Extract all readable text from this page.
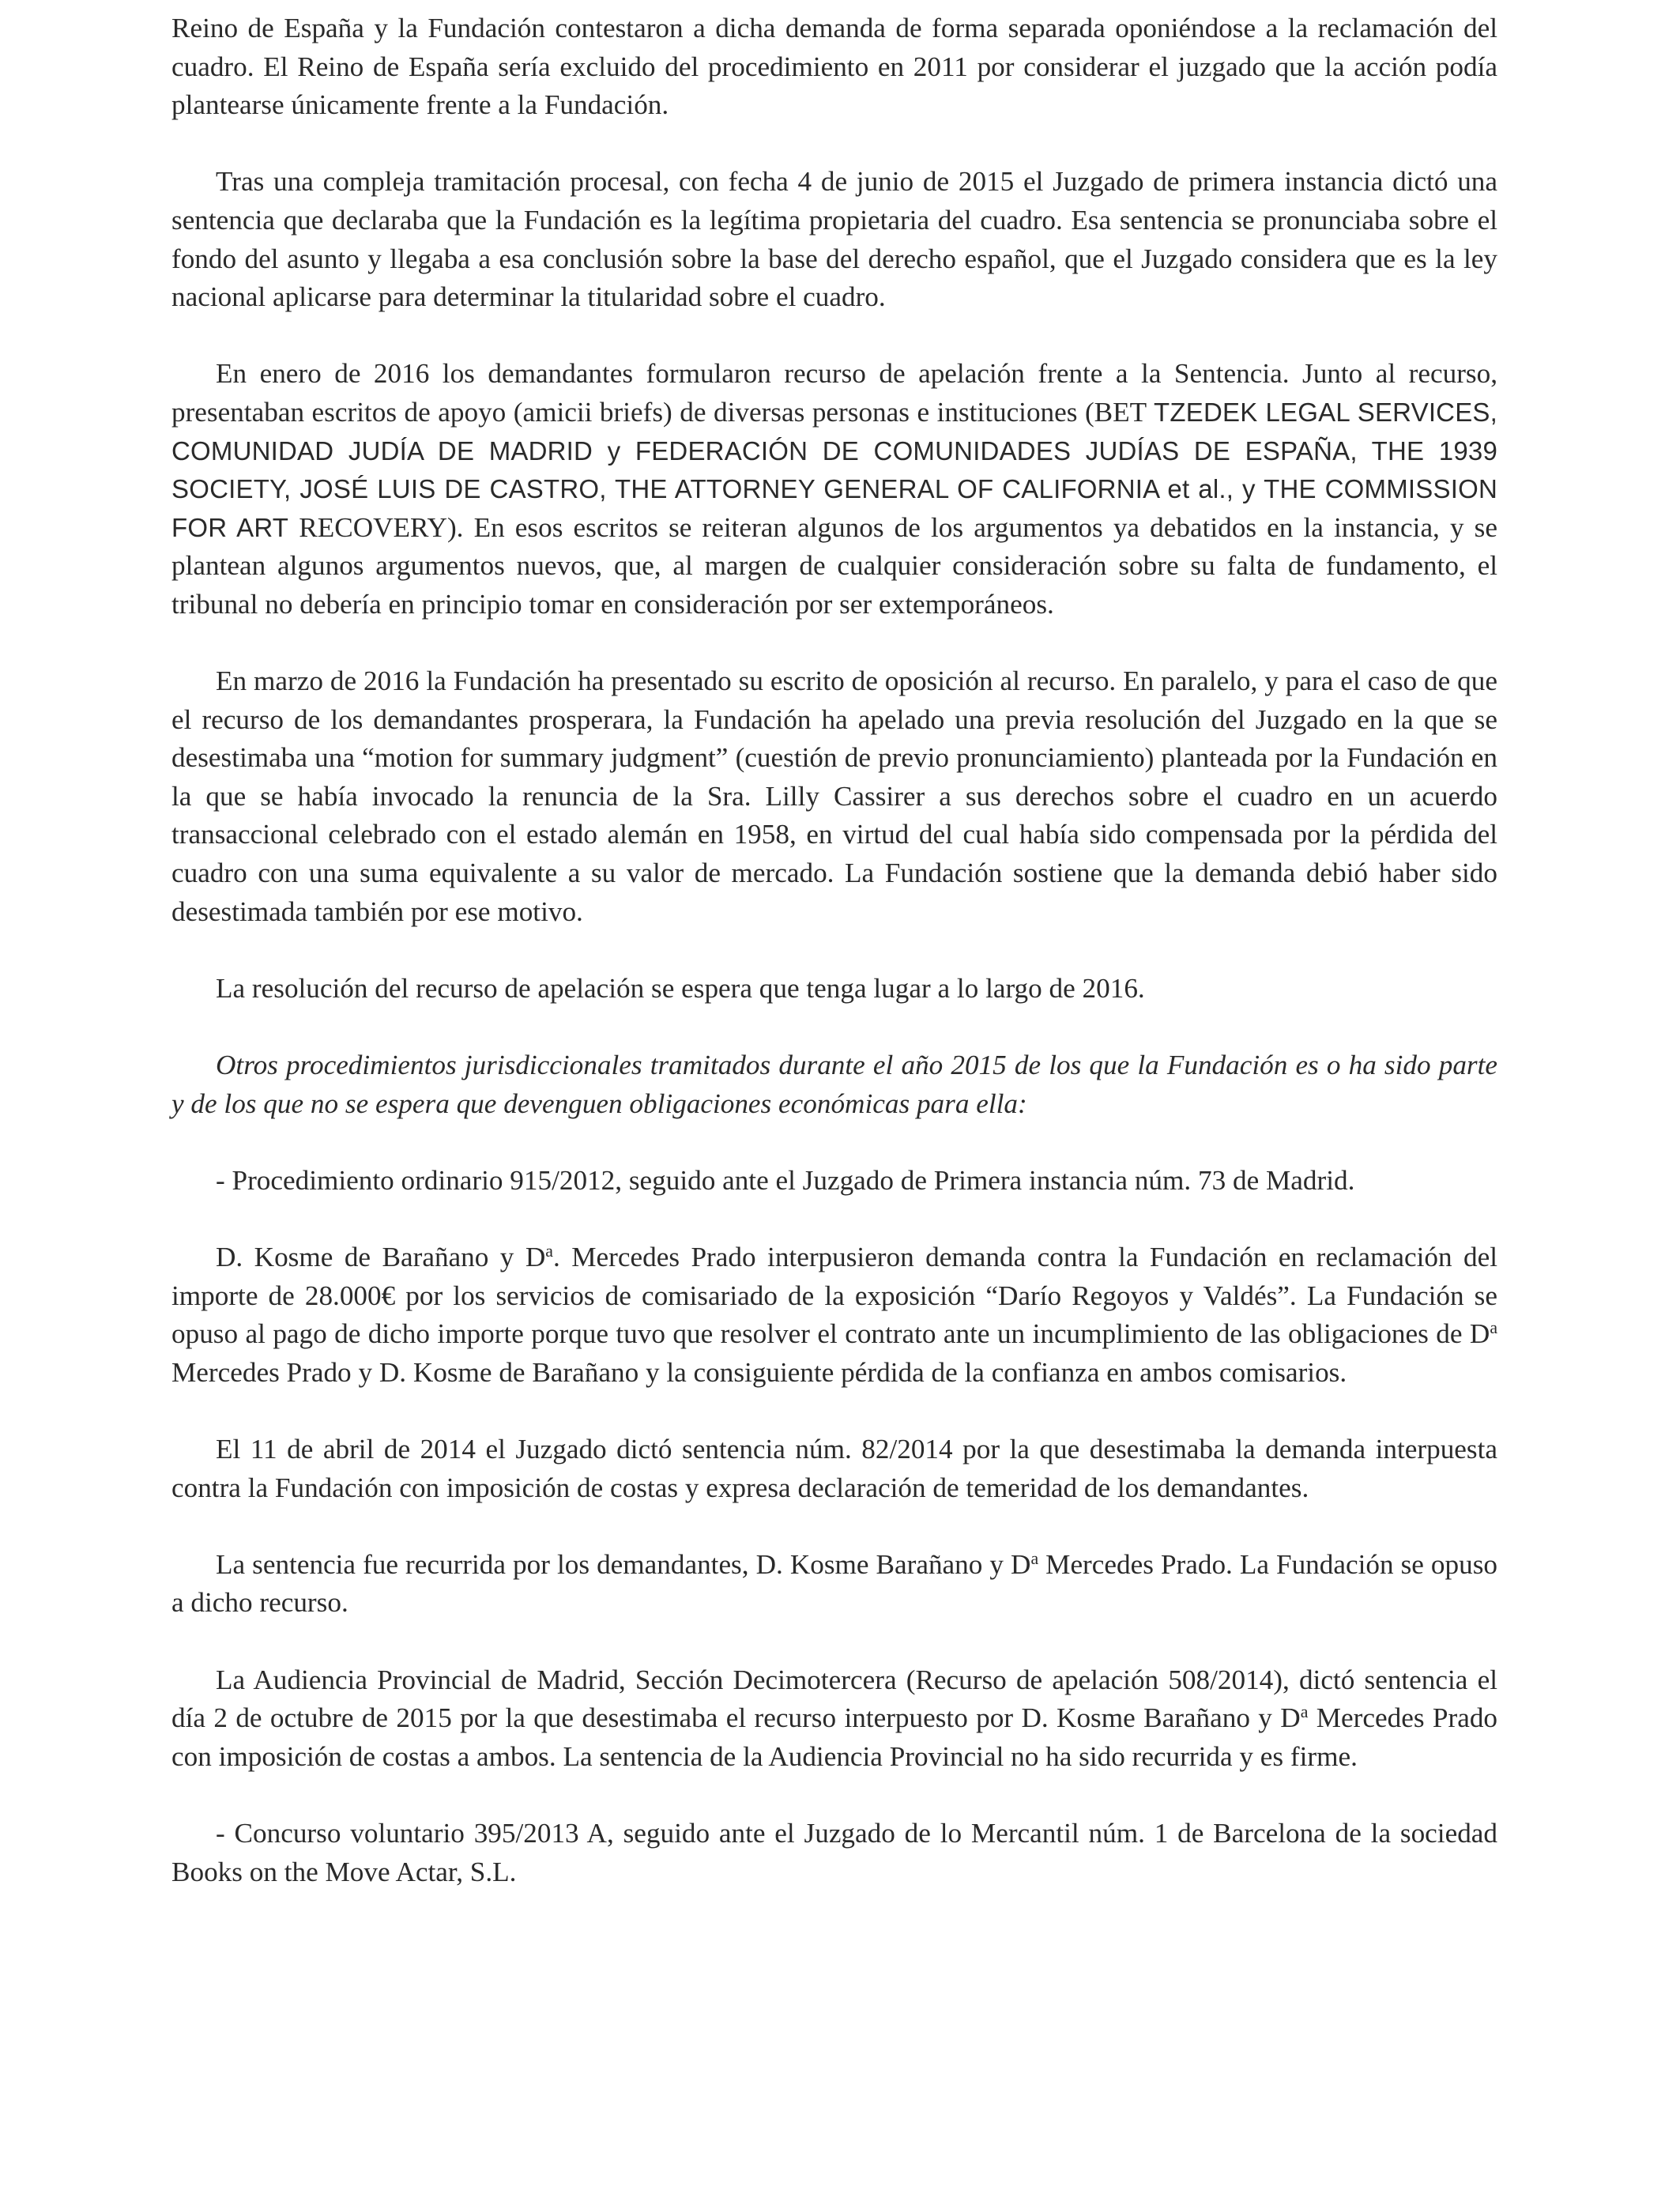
Reino de España y la Fundación contestaron a dicha demanda de forma separada oponiéndose a la reclamación del cuadro. El Reino de España sería excluido del procedimiento en 2011 por considerar el juzgado que la acción podía plantearse únicamente frente a la Fundación.

Tras una compleja tramitación procesal, con fecha 4 de junio de 2015 el Juzgado de primera instancia dictó una sentencia que declaraba que la Fundación es la legítima propietaria del cuadro. Esa sentencia se pronunciaba sobre el fondo del asunto y llegaba a esa conclusión sobre la base del derecho español, que el Juzgado considera que es la ley nacional aplicarse para determinar la titularidad sobre el cuadro.

En enero de 2016 los demandantes formularon recurso de apelación frente a la Sentencia. Junto al recurso, presentaban escritos de apoyo (amicii briefs) de diversas personas e instituciones (BET TZEDEK LEGAL SERVICES, COMUNIDAD JUDÍA DE MADRID y FEDERACIÓN DE COMUNIDADES JUDÍAS DE ESPAÑA, THE 1939 SOCIETY, JOSÉ LUIS DE CASTRO, THE ATTORNEY GENERAL OF CALIFORNIA et al., y THE COMMISSION FOR ART RECOVERY). En esos escritos se reiteran algunos de los argumentos ya debatidos en la instancia, y se plantean algunos argumentos nuevos, que, al margen de cualquier consideración sobre su falta de fundamento, el tribunal no debería en principio tomar en consideración por ser extemporáneos.

En marzo de 2016 la Fundación ha presentado su escrito de oposición al recurso. En paralelo, y para el caso de que el recurso de los demandantes prosperara, la Fundación ha apelado una previa resolución del Juzgado en la que se desestimaba una “motion for summary judgment” (cuestión de previo pronunciamiento) planteada por la Fundación en la que se había invocado la renuncia de la Sra. Lilly Cassirer a sus derechos sobre el cuadro en un acuerdo transaccional celebrado con el estado alemán en 1958, en virtud del cual había sido compensada por la pérdida del cuadro con una suma equivalente a su valor de mercado. La Fundación sostiene que la demanda debió haber sido desestimada también por ese motivo.

La resolución del recurso de apelación se espera que tenga lugar a lo largo de 2016.

Otros procedimientos jurisdiccionales tramitados durante el año 2015 de los que la Fundación es o ha sido parte y de los que no se espera que devenguen obligaciones económicas para ella:

- Procedimiento ordinario 915/2012, seguido ante el Juzgado de Primera instancia núm. 73 de Madrid.

D. Kosme de Barañano y $D^a$. Mercedes Prado interpusieron demanda contra la Fundación en reclamación del importe de 28.000€ por los servicios de comisariado de la exposición “Darío Regoyos y Valdés”. La Fundación se opuso al pago de dicho importe porque tuvo que resolver el contrato ante un incumplimiento de las obligaciones de $D^a$ Mercedes Prado y D. Kosme de Barañano y la consiguiente pérdida de la confianza en ambos comisarios.

El 11 de abril de 2014 el Juzgado dictó sentencia núm. 82/2014 por la que desestimaba la demanda interpuesta contra la Fundación con imposición de costas y expresa declaración de temeridad de los demandantes.

La sentencia fue recurrida por los demandantes, D. Kosme Barañano y $D^a$ Mercedes Prado. La Fundación se opuso a dicho recurso.

La Audiencia Provincial de Madrid, Sección Decimotercera (Recurso de apelación 508/2014), dictó sentencia el día 2 de octubre de 2015 por la que desestimaba el recurso interpuesto por D. Kosme Barañano y $D^a$ Mercedes Prado con imposición de costas a ambos. La sentencia de la Audiencia Provincial no ha sido recurrida y es firme.

- Concurso voluntario 395/2013 A, seguido ante el Juzgado de lo Mercantil núm. 1 de Barcelona de la sociedad Books on the Move Actar, S.L.
